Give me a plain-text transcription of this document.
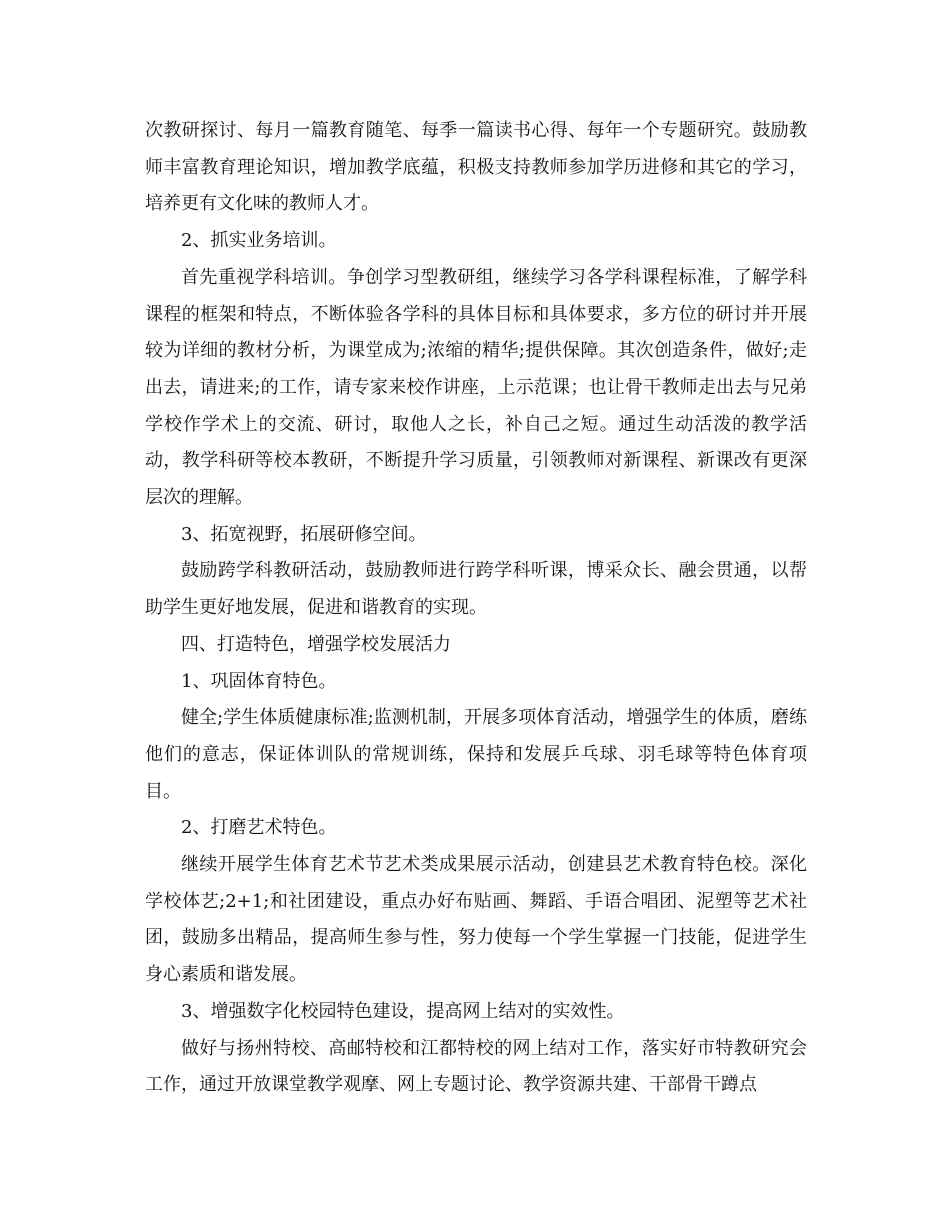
次教研探讨、每月一篇教育随笔、每季一篇读书心得、每年一个专题研究。鼓励教师丰富教育理论知识，增加教学底蕴，积极支持教师参加学历进修和其它的学习，培养更有文化味的教师人才。

2、抓实业务培训。

首先重视学科培训。争创学习型教研组，继续学习各学科课程标准，了解学科课程的框架和特点，不断体验各学科的具体目标和具体要求，多方位的研讨并开展较为详细的教材分析，为课堂成为;浓缩的精华;提供保障。其次创造条件，做好;走出去，请进来;的工作，请专家来校作讲座，上示范课；也让骨干教师走出去与兄弟学校作学术上的交流、研讨，取他人之长，补自己之短。通过生动活泼的教学活动，教学科研等校本教研，不断提升学习质量，引领教师对新课程、新课改有更深层次的理解。

3、拓宽视野，拓展研修空间。

鼓励跨学科教研活动，鼓励教师进行跨学科听课，博采众长、融会贯通，以帮助学生更好地发展，促进和谐教育的实现。

四、打造特色，增强学校发展活力

1、巩固体育特色。

健全;学生体质健康标准;监测机制，开展多项体育活动，增强学生的体质，磨练他们的意志，保证体训队的常规训练，保持和发展乒乓球、羽毛球等特色体育项目。

2、打磨艺术特色。

继续开展学生体育艺术节艺术类成果展示活动，创建县艺术教育特色校。深化学校体艺;2+1;和社团建设，重点办好布贴画、舞蹈、手语合唱团、泥塑等艺术社团，鼓励多出精品，提高师生参与性，努力使每一个学生掌握一门技能，促进学生身心素质和谐发展。

3、增强数字化校园特色建设，提高网上结对的实效性。

做好与扬州特校、高邮特校和江都特校的网上结对工作，落实好市特教研究会工作，通过开放课堂教学观摩、网上专题讨论、教学资源共建、干部骨干蹲点
